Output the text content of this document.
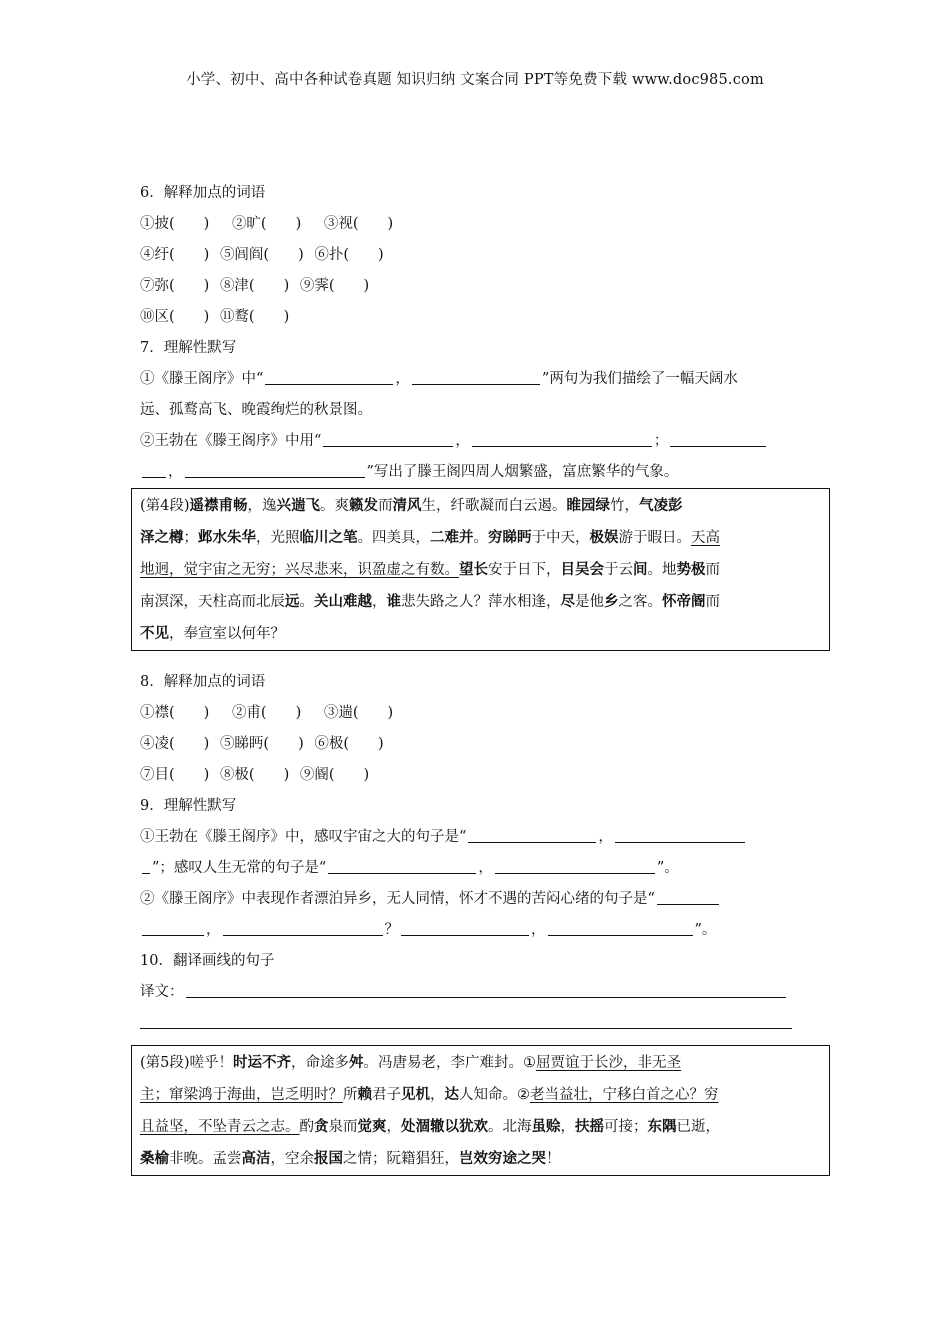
小学、初中、高中各种试卷真题 知识归纳 文案合同 PPT等免费下载 www.doc985.com
6．解释加点的词语
①披(　　) ②旷(　　) ③视(　　)
④纡(　　) ⑤闾阎(　　) ⑥扑(　　)
⑦弥(　　) ⑧津(　　) ⑨霁(　　)
⑩区(　　) ⑪鹜(　　)
7．理解性默写
①《滕王阁序》中“	，	”两句为我们描绘了一幅天阔水
远、孤鹜高飞、晚霞绚烂的秋景图。
②王勃在《滕王阁序》中用“	，	；
，	”写出了滕王阁四周人烟繁盛，富庶繁华的气象。
(第4段)遥襟甫畅，逸兴遄飞。爽籁发而清风生，纤歌凝而白云遏。睢园绿竹，气凌彭
泽之樽；邺水朱华，光照临川之笔。四美具，二难并。穷睇眄于中天，极娱游于暇日。天高
地迥，觉宇宙之无穷；兴尽悲来，识盈虚之有数。望长安于日下，目吴会于云间。地势极而
南溟深，天柱高而北辰远。关山难越，谁悲失路之人？萍水相逢，尽是他乡之客。怀帝阍而
不见，奉宣室以何年？
8．解释加点的词语
①襟(　　) ②甫(　　) ③遄(　　)
④凌(　　) ⑤睇眄(　　) ⑥极(　　)
⑦目(　　) ⑧极(　　) ⑨阍(　　)
9．理解性默写
①王勃在《滕王阁序》中，感叹宇宙之大的句子是“	，
”；感叹人生无常的句子是“	，	”。
②《滕王阁序》中表现作者漂泊异乡，无人同情，怀才不遇的苦闷心绪的句子是“
，	？	，	”。
10．翻译画线的句子
译文：
(第5段)嗟乎！时运不齐，命途多舛。冯唐易老，李广难封。①屈贾谊于长沙，非无圣
主；窜梁鸿于海曲，岂乏明时？所赖君子见机，达人知命。②老当益壮，宁移白首之心？穷
且益坚，不坠青云之志。酌贪泉而觉爽，处涸辙以犹欢。北海虽赊，扶摇可接；东隅已逝，
桑榆非晚。孟尝高洁，空余报国之情；阮籍猖狂，岂效穷途之哭！
